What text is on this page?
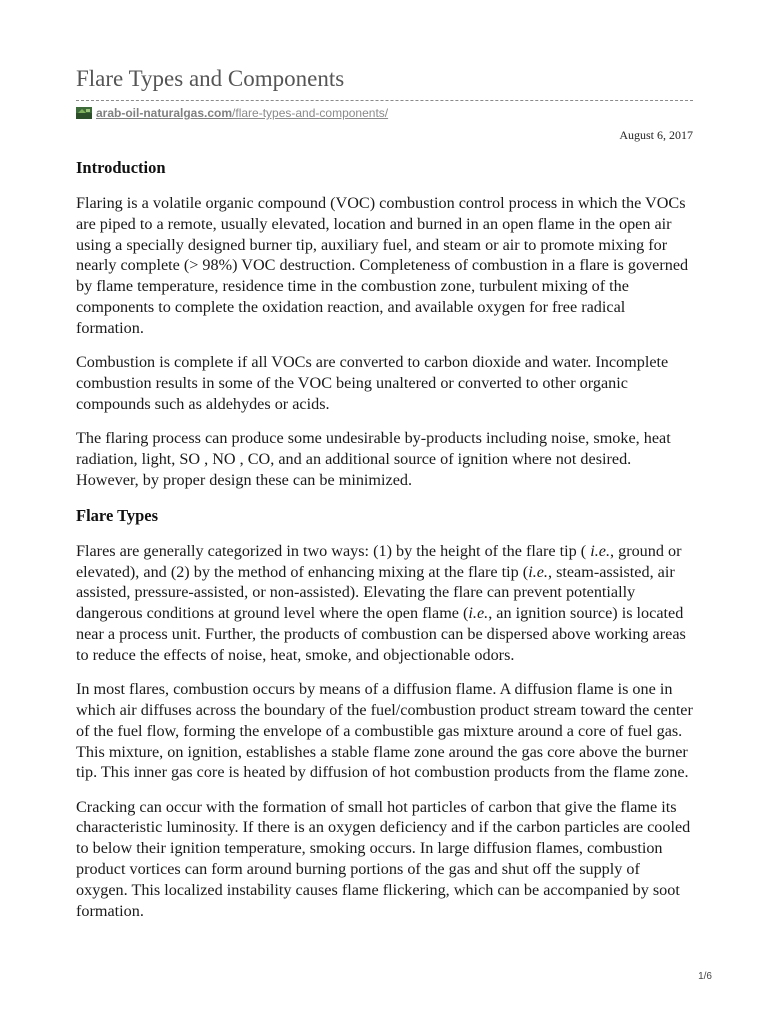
Flare Types and Components
arab-oil-naturalgas.com /flare-types-and-components/
August 6, 2017
Introduction

Flaring is a volatile organic compound (VOC) combustion control process in which the VOCs are piped to a remote, usually elevated, location and burned in an open flame in the open air using a specially designed burner tip, auxiliary fuel, and steam or air to promote mixing for nearly complete (> 98%) VOC destruction. Completeness of combustion in a flare is governed by flame temperature, residence time in the combustion zone, turbulent mixing of the components to complete the oxidation reaction, and available oxygen for free radical formation.

Combustion is complete if all VOCs are converted to carbon dioxide and water. Incomplete combustion results in some of the VOC being unaltered or converted to other organic compounds such as aldehydes or acids.

The flaring process can produce some undesirable by-products including noise, smoke, heat radiation, light, SO , NO , CO, and an additional source of ignition where not desired. However, by proper design these can be minimized.

Flare Types

Flares are generally categorized in two ways: (1) by the height of the flare tip ( i.e., ground or elevated), and (2) by the method of enhancing mixing at the flare tip (i.e., steam-assisted, air assisted, pressure-assisted, or non-assisted). Elevating the flare can prevent potentially dangerous conditions at ground level where the open flame (i.e., an ignition source) is located near a process unit. Further, the products of combustion can be dispersed above working areas to reduce the effects of noise, heat, smoke, and objectionable odors.

In most flares, combustion occurs by means of a diffusion flame. A diffusion flame is one in which air diffuses across the boundary of the fuel/combustion product stream toward the center of the fuel flow, forming the envelope of a combustible gas mixture around a core of fuel gas. This mixture, on ignition, establishes a stable flame zone around the gas core above the burner tip. This inner gas core is heated by diffusion of hot combustion products from the flame zone.

Cracking can occur with the formation of small hot particles of carbon that give the flame its characteristic luminosity. If there is an oxygen deficiency and if the carbon particles are cooled to below their ignition temperature, smoking occurs. In large diffusion flames, combustion product vortices can form around burning portions of the gas and shut off the supply of oxygen. This localized instability causes flame flickering, which can be accompanied by soot formation.

1/6
